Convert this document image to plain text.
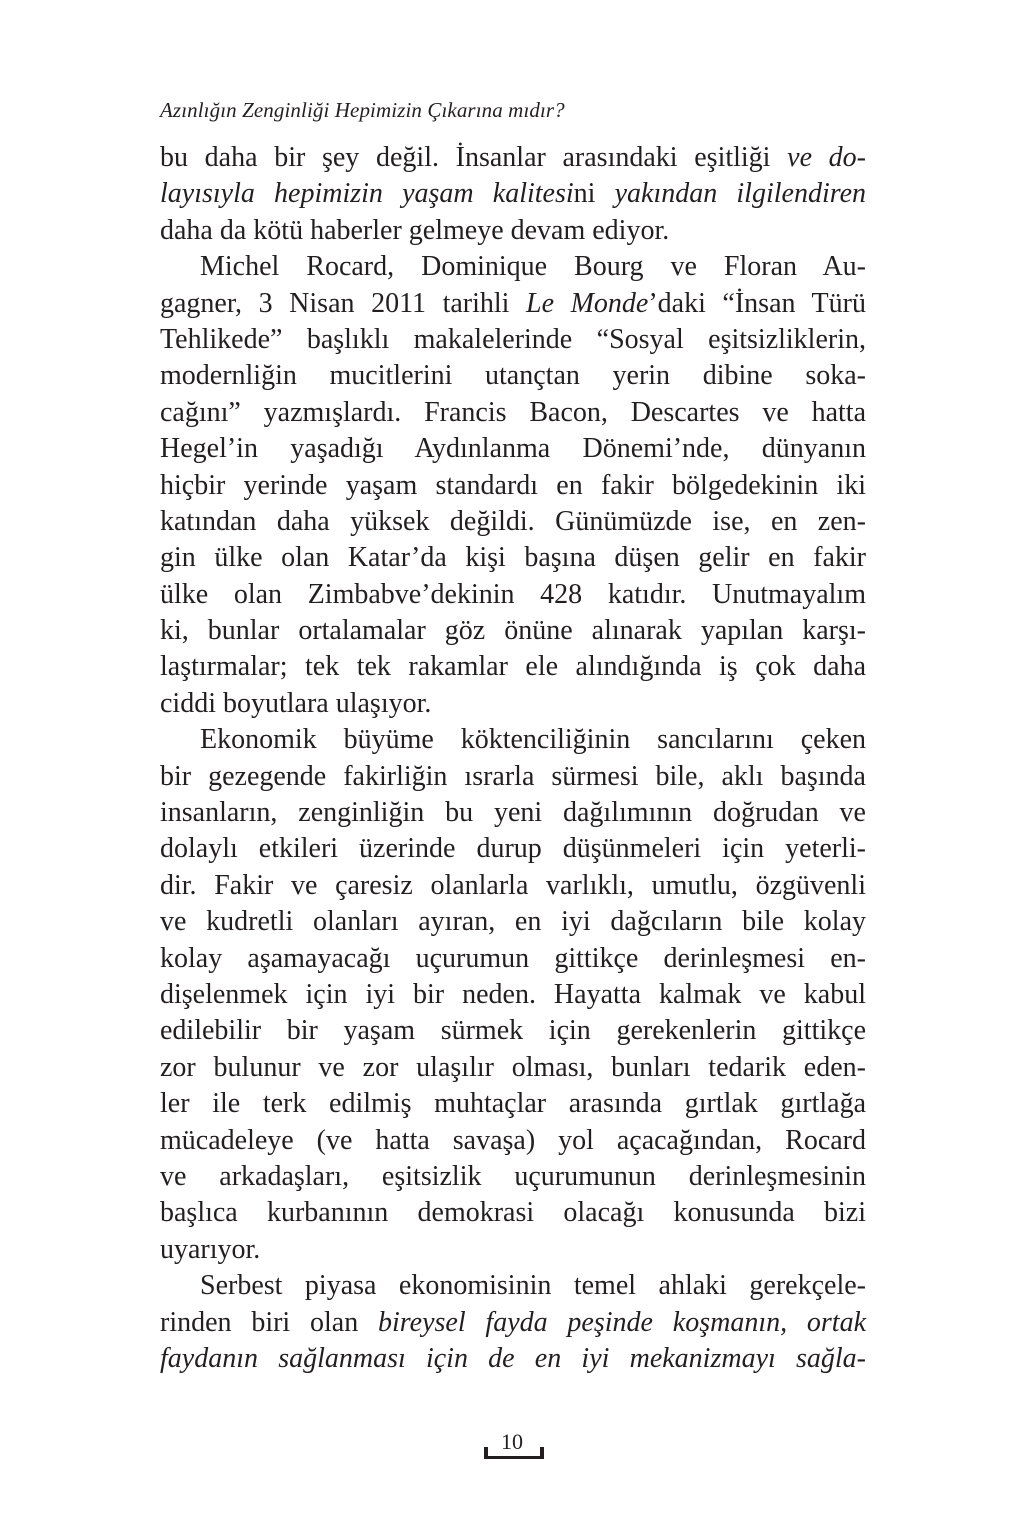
Azınlığın Zenginliği Hepimizin Çıkarına mıdır?
bu daha bir şey değil. İnsanlar arasındaki eşitliği ve do-
layısıyla hepimizin yaşam kalitesini yakından ilgilendiren
daha da kötü haberler gelmeye devam ediyor.
Michel Rocard, Dominique Bourg ve Floran Au-
gagner, 3 Nisan 2011 tarihli Le Monde’daki “İnsan Türü
Tehlikede” başlıklı makalelerinde “Sosyal eşitsizliklerin,
modernliğin mucitlerini utançtan yerin dibine soka-
cağını” yazmışlardı. Francis Bacon, Descartes ve hatta
Hegel’in yaşadığı Aydınlanma Dönemi’nde, dünyanın
hiçbir yerinde yaşam standardı en fakir bölgedekinin iki
katından daha yüksek değildi. Günümüzde ise, en zen-
gin ülke olan Katar’da kişi başına düşen gelir en fakir
ülke olan Zimbabve’dekinin 428 katıdır. Unutmayalım
ki, bunlar ortalamalar göz önüne alınarak yapılan karşı-
laştırmalar; tek tek rakamlar ele alındığında iş çok daha
ciddi boyutlara ulaşıyor.
Ekonomik büyüme köktenciliğinin sancılarını çeken
bir gezegende fakirliğin ısrarla sürmesi bile, aklı başında
insanların, zenginliğin bu yeni dağılımının doğrudan ve
dolaylı etkileri üzerinde durup düşünmeleri için yeterli-
dir. Fakir ve çaresiz olanlarla varlıklı, umutlu, özgüvenli
ve kudretli olanları ayıran, en iyi dağcıların bile kolay
kolay aşamayacağı uçurumun gittikçe derinleşmesi en-
dişelenmek için iyi bir neden. Hayatta kalmak ve kabul
edilebilir bir yaşam sürmek için gerekenlerin gittikçe
zor bulunur ve zor ulaşılır olması, bunları tedarik eden-
ler ile terk edilmiş muhtaçlar arasında gırtlak gırtlağa
mücadeleye (ve hatta savaşa) yol açacağından, Rocard
ve arkadaşları, eşitsizlik uçurumunun derinleşmesinin
başlıca kurbanının demokrasi olacağı konusunda bizi
uyarıyor.
Serbest piyasa ekonomisinin temel ahlaki gerekçele-
rinden biri olan bireysel fayda peşinde koşmanın, ortak
faydanın sağlanması için de en iyi mekanizmayı sağla-
10
